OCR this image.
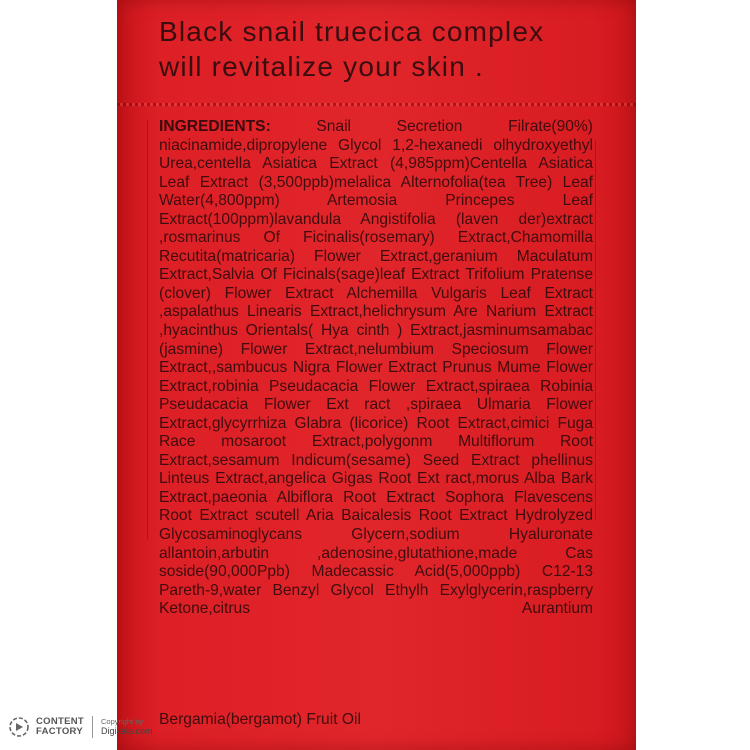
Black snail truecica complex
will revitalize your skin .
INGREDIENTS: Snail Secretion Filrate(90%) niacinamide,dipropylene Glycol 1,2-hexanedi olhydroxyethyl Urea,centella Asiatica Extract (4,985ppm)Centella Asiatica Leaf Extract (3,500ppb)melalica Alternofolia(tea Tree) Leaf Water(4,800ppm) Artemosia Princepes Leaf Extract(100ppm)lavandula Angistifolia (laven der)extract ,rosmarinus Of Ficinalis(rosemary) Extract,Chamomilla Recutita(matricaria) Flower Extract,geranium Maculatum Extract,Salvia Of Ficinals(sage)leaf Extract Trifolium Pratense (clover) Flower Extract Alchemilla Vulgaris Leaf Extract ,aspalathus Linearis Extract,helichrysum Are Narium Extract ,hyacinthus Orientals( Hya cinth ) Extract,jasminumsamabac (jasmine) Flower Extract,nelumbium Speciosum Flower Extract,,sambucus Nigra Flower Extract Prunus Mume Flower Extract,robinia Pseudacacia Flower Extract,spiraea Robinia Pseudacacia Flower Ext ract ,spiraea Ulmaria Flower Extract,glycyrrhiza Glabra (licorice) Root Extract,cimici Fuga Race mosaroot Extract,polygonm Multiflorum Root Extract,sesamum Indicum(sesame) Seed Extract phellinus Linteus Extract,angelica Gigas Root Ext ract,morus Alba Bark Extract,paeonia Albiflora Root Extract Sophora Flavescens Root Extract scutell Aria Baicalesis Root Extract Hydrolyzed Glycosaminoglycans Glycern,sodium Hyaluronate allantoin,arbutin ,adenosine,glutathione,made Cas soside(90,000Ppb) Madecassic Acid(5,000ppb) C12-13 Pareth-9,water Benzyl Glycol Ethylh Exylglycerin,raspberry Ketone,citrus Aurantium
Bergamia(bergamot) Fruit Oil
CONTENT
FACTORY
Copyright by
Digikala.com
